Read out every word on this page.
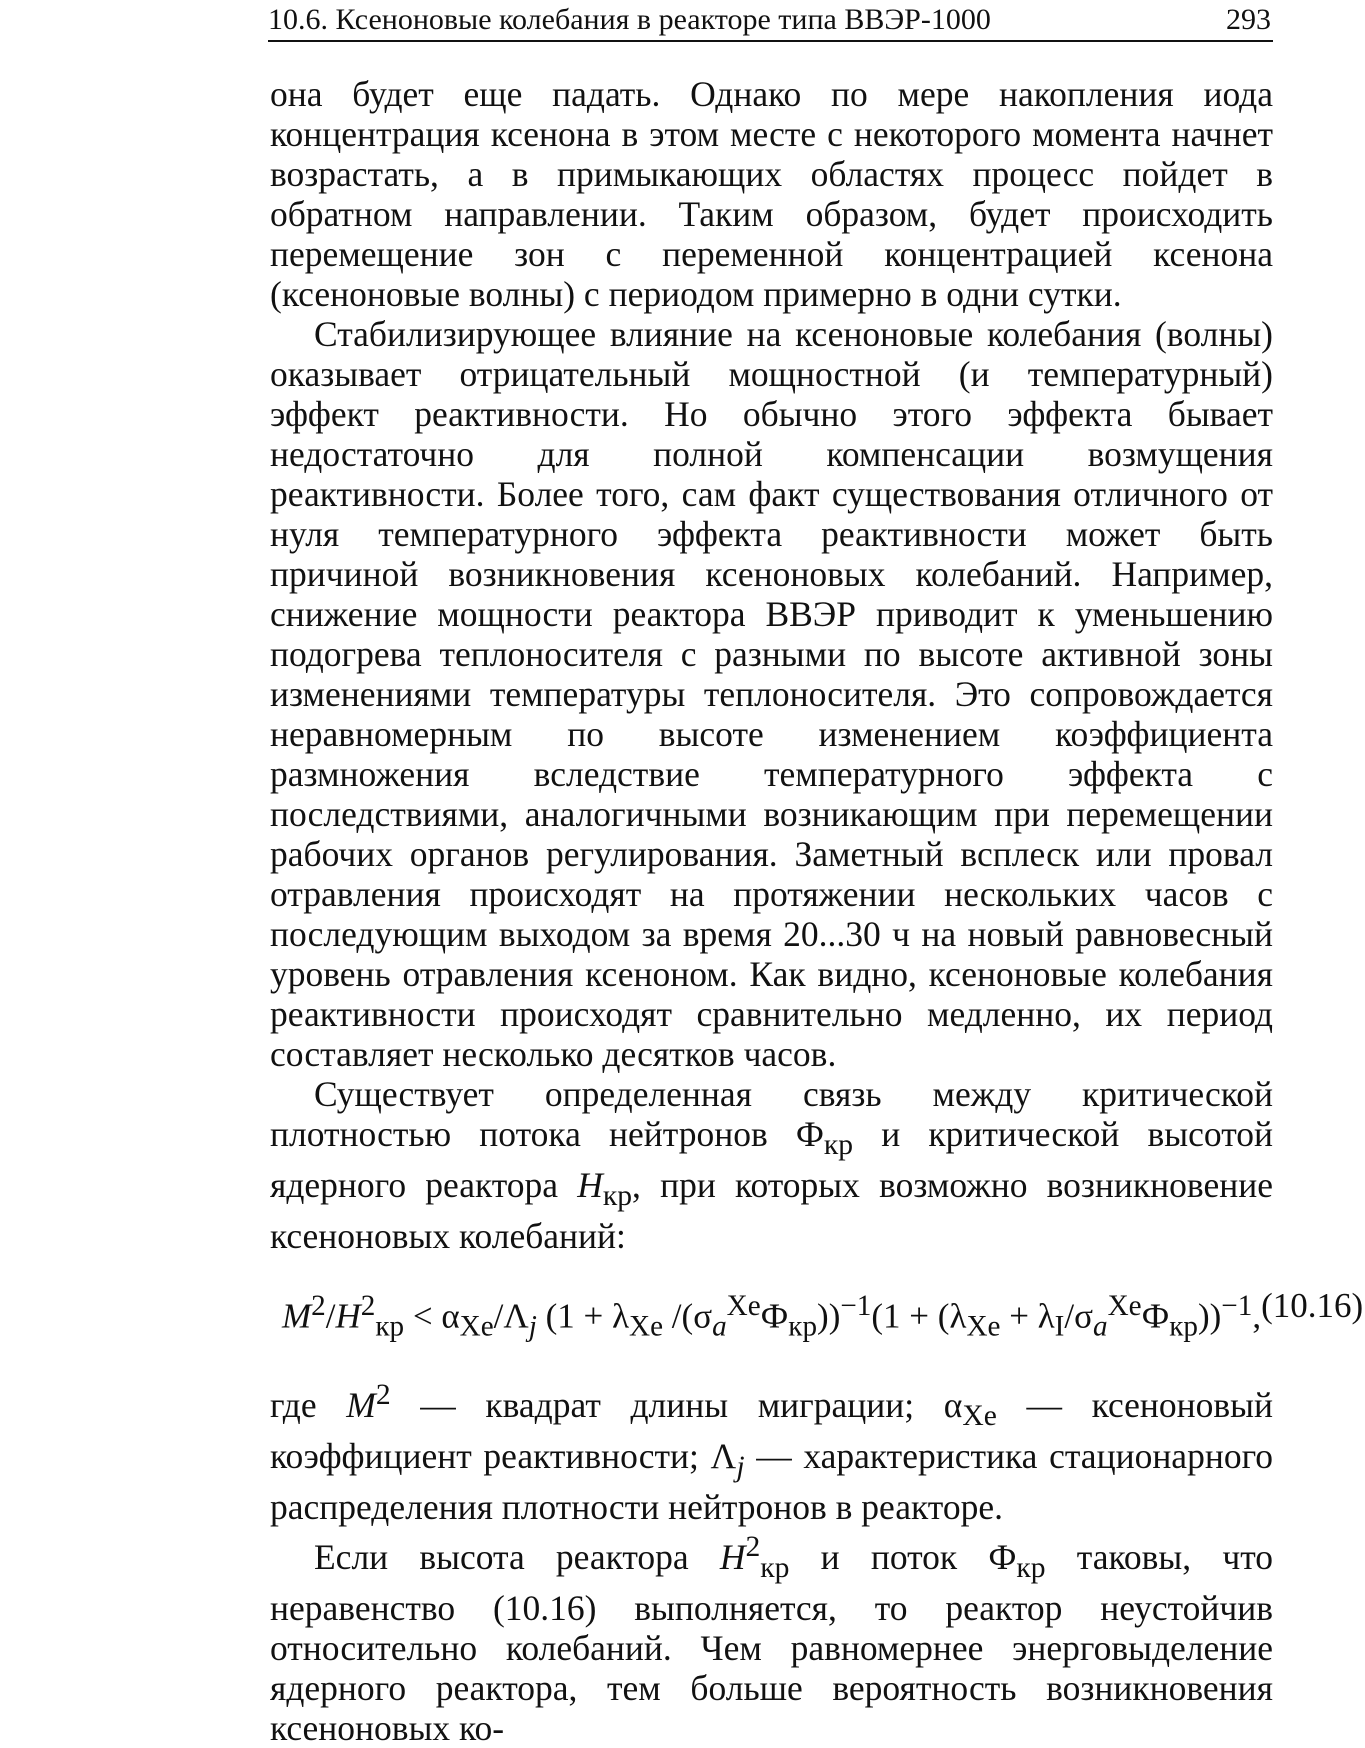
10.6. Ксеноновые колебания в реакторе типа ВВЭР-1000	293

она будет еще падать. Однако по мере накопления иода концентрация ксенона в этом месте с некоторого момента начнет возрастать, а в примыкающих областях процесс пойдет в обратном направлении. Таким образом, будет происходить перемещение зон с переменной концентрацией ксенона (ксеноновые волны) с периодом примерно в одни сутки.

Стабилизирующее влияние на ксеноновые колебания (волны) оказывает отрицательный мощностной (и температурный) эффект реактивности. Но обычно этого эффекта бывает недостаточно для полной компенсации возмущения реактивности. Более того, сам факт существования отличного от нуля температурного эффекта реактивности может быть причиной возникновения ксеноновых колебаний. Например, снижение мощности реактора ВВЭР приводит к уменьшению подогрева теплоносителя с разными по высоте активной зоны изменениями температуры теплоносителя. Это сопровождается неравномерным по высоте изменением коэффициента размножения вследствие температурного эффекта с последствиями, аналогичными возникающим при перемещении рабочих органов регулирования. Заметный всплеск или провал отравления происходят на протяжении нескольких часов с последующим выходом за время 20...30 ч на новый равновесный уровень отравления ксеноном. Как видно, ксеноновые колебания реактивности происходят сравнительно медленно, их период составляет несколько десятков часов.

Существует определенная связь между критической плотностью потока нейтронов $Ф_{кр}$ и критической высотой ядерного реактора $H_{кр}$, при которых возможно возникновение ксеноновых колебаний:

$M^2/H^2_{кр} < \alpha_{Xe}/\Lambda_j$ ($1 + \lambda_{Xe}$ $/(\sigma_a^{Xe}Ф_{кр}))^{-1}(1 + (\lambda_{Xe} + \lambda_I/\sigma_a^{Xe}Ф_{кр}))^{-1}$, (10.16)

где $M^2$ — квадрат длины миграции; $\alpha_{Xe}$ — ксеноновый коэффициент реактивности; $\Lambda_j$ — характеристика стационарного распределения плотности нейтронов в реакторе.

Если высота реактора $H^2_{кр}$ и поток $Ф_{кр}$ таковы, что неравенство (10.16) выполняется, то реактор неустойчив относительно колебаний. Чем равномернее энерговыделение ядерного реактора, тем больше вероятность возникновения ксеноновых ко-
